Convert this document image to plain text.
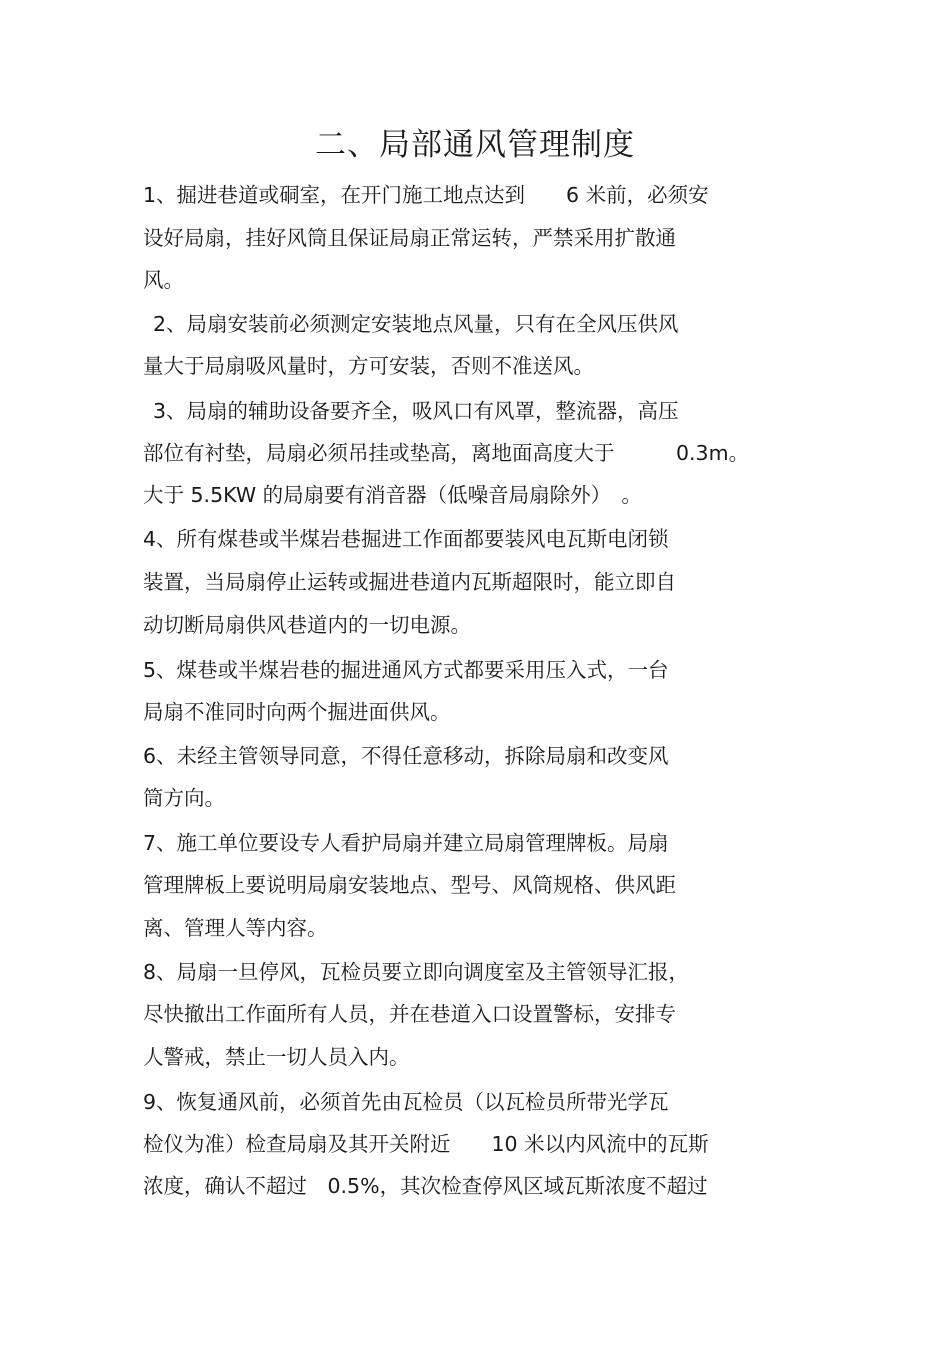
二、局部通风管理制度
1、掘进巷道或硐室，在开门施工地点达到　　6 米前，必须安
设好局扇，挂好风筒且保证局扇正常运转，严禁采用扩散通
风。
2、局扇安装前必须测定安装地点风量，只有在全风压供风
量大于局扇吸风量时，方可安装，否则不准送风。
3、局扇的辅助设备要齐全，吸风口有风罩，整流器，高压
部位有衬垫，局扇必须吊挂或垫高，离地面高度大于　　　0.3m。
大于 5.5KW 的局扇要有消音器（低噪音局扇除外）　。
4、所有煤巷或半煤岩巷掘进工作面都要装风电瓦斯电闭锁
装置，当局扇停止运转或掘进巷道内瓦斯超限时，能立即自
动切断局扇供风巷道内的一切电源。
5、煤巷或半煤岩巷的掘进通风方式都要采用压入式，一台
局扇不准同时向两个掘进面供风。
6、未经主管领导同意，不得任意移动，拆除局扇和改变风
筒方向。
7、施工单位要设专人看护局扇并建立局扇管理牌板。局扇
管理牌板上要说明局扇安装地点、型号、风筒规格、供风距
离、管理人等内容。
8、局扇一旦停风，瓦检员要立即向调度室及主管领导汇报，
尽快撤出工作面所有人员，并在巷道入口设置警标，安排专
人警戒，禁止一切人员入内。
9、恢复通风前，必须首先由瓦检员（以瓦检员所带光学瓦
检仪为准）检查局扇及其开关附近　　10 米以内风流中的瓦斯
浓度，确认不超过　0.5%，其次检查停风区域瓦斯浓度不超过
